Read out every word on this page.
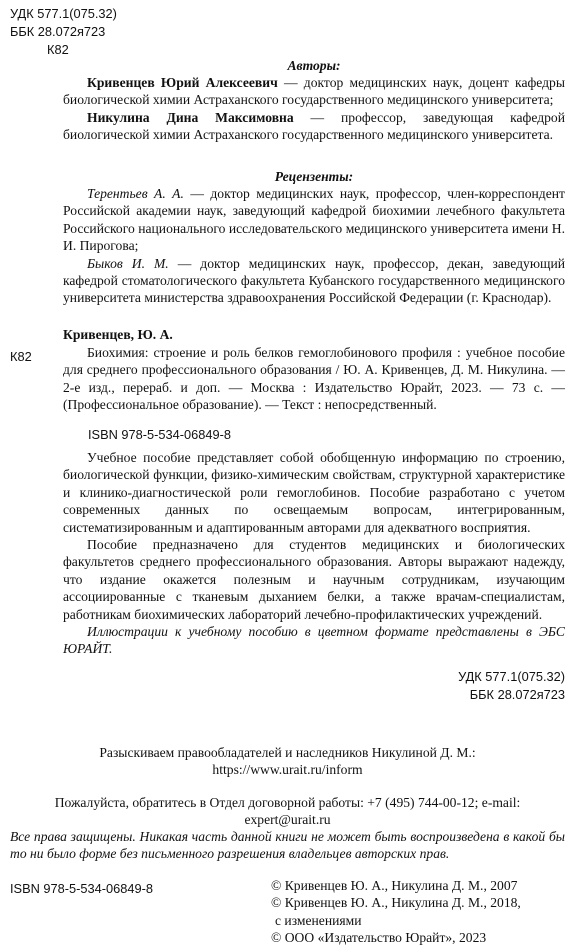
УДК 577.1(075.32)
ББК 28.072я723
К82
Авторы:

Кривенцев Юрий Алексеевич — доктор медицинских наук, доцент кафедры биологической химии Астраханского государственного медицинского университета;

Никулина Дина Максимовна — профессор, заведующая кафедрой биологической химии Астраханского государственного медицинского университета.

Рецензенты:

Терентьев А. А. — доктор медицинских наук, профессор, член-корреспондент Российской академии наук, заведующий кафедрой биохимии лечебного факультета Российского национального исследовательского медицинского университета имени Н. И. Пирогова;

Быков И. М. — доктор медицинских наук, профессор, декан, заведующий кафедрой стоматологического факультета Кубанского государственного медицинского университета министерства здравоохранения Российской Федерации (г. Краснодар).

К82
Кривенцев, Ю. А.
Биохимия: строение и роль белков гемоглобинового профиля : учебное пособие для среднего профессионального образования / Ю. А. Кривенцев, Д. М. Никулина. — 2-е изд., перераб. и доп. — Москва : Издательство Юрайт, 2023. — 73 с. — (Профессиональное образование). — Текст : непосредственный.
ISBN 978-5-534-06849-8

Учебное пособие представляет собой обобщенную информацию по строению, биологической функции, физико-химическим свойствам, структурной характеристике и клинико-диагностической роли гемоглобинов. Пособие разработано с учетом современных данных по освещаемым вопросам, интегрированным, систематизированным и адаптированным авторами для адекватного восприятия.

Пособие предназначено для студентов медицинских и биологических факультетов среднего профессионального образования. Авторы выражают надежду, что издание окажется полезным и научным сотрудникам, изучающим ассоциированные с тканевым дыханием белки, а также врачам-специалистам, работникам биохимических лабораторий лечебно-профилактических учреждений.

Иллюстрации к учебному пособию в цветном формате представлены в ЭБС ЮРАЙТ.

УДК 577.1(075.32)
ББК 28.072я723
Разыскиваем правообладателей и наследников Никулиной Д. М.:
https://www.urait.ru/inform
Пожалуйста, обратитесь в Отдел договорной работы: +7 (495) 744-00-12; e-mail:
expert@urait.ru
Все права защищены. Никакая часть данной книги не может быть воспроизведена в какой бы то ни было форме без письменного разрешения владельцев авторских прав.
ISBN 978-5-534-06849-8	© Кривенцев Ю. А., Никулина Д. М., 2007
© Кривенцев Ю. А., Никулина Д. М., 2018,
с изменениями
© ООО «Издательство Юрайт», 2023
